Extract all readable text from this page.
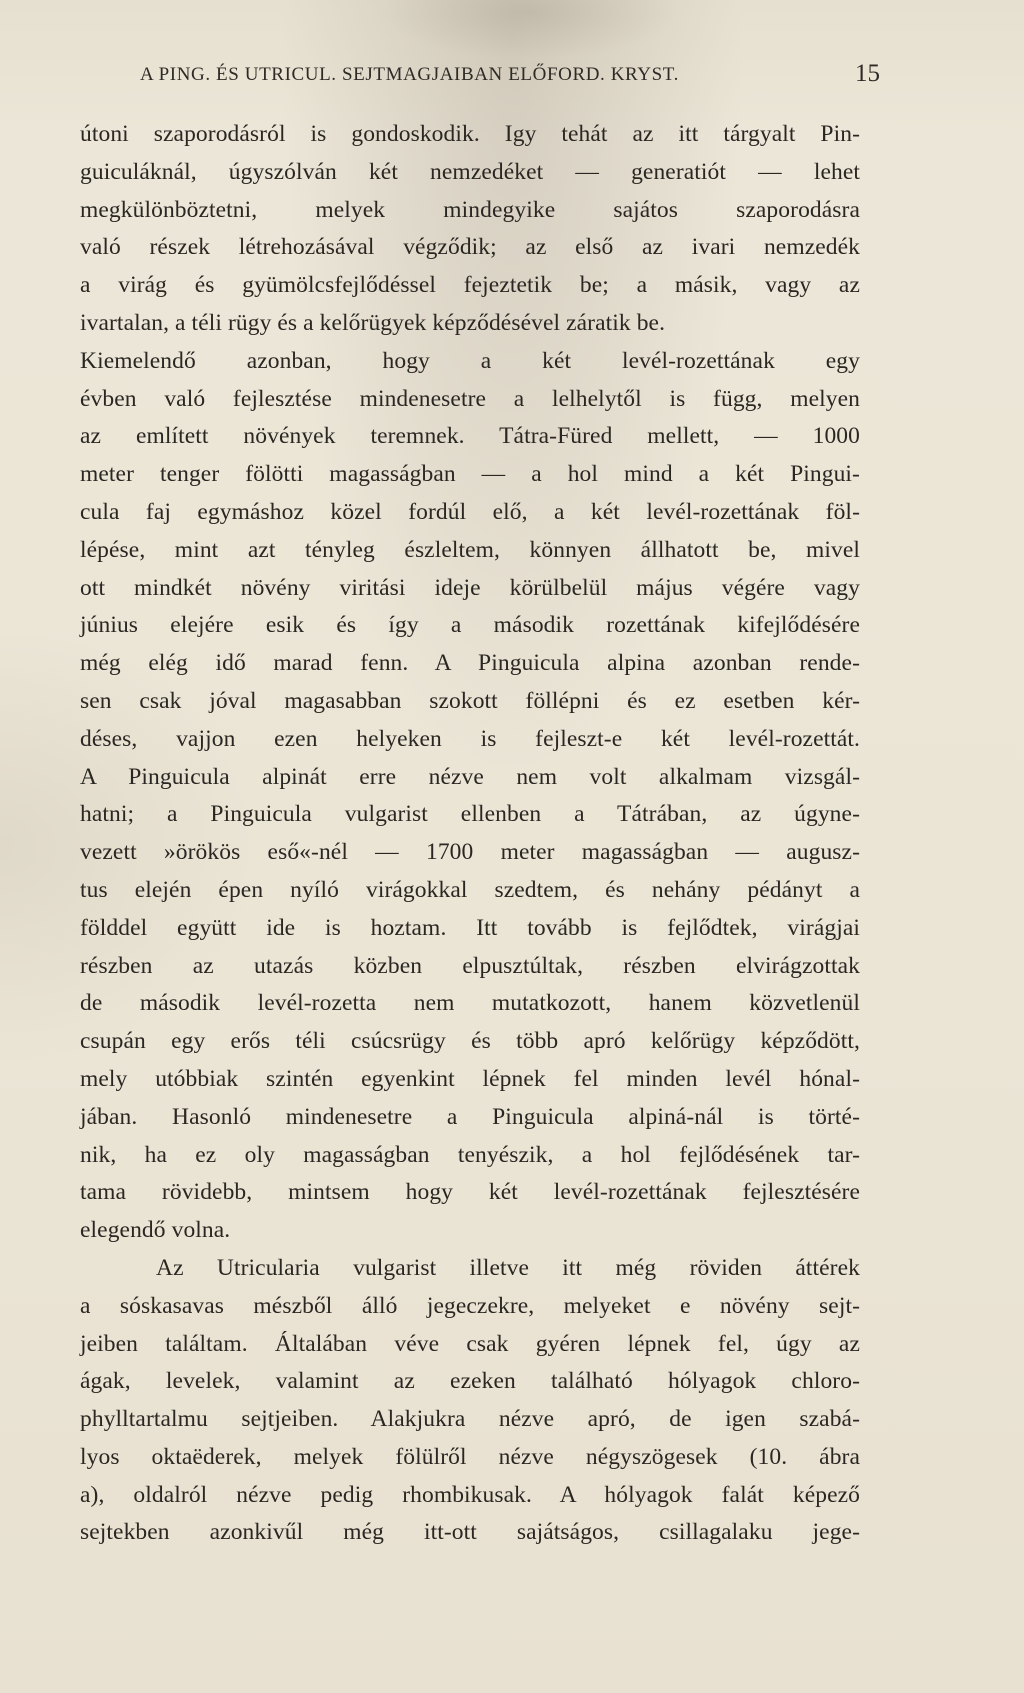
A PING. ÉS UTRICUL. SEJTMAGJAIBAN ELŐFORD. KRYST.	15
útoni szaporodásról is gondoskodik. Igy tehát az itt tárgyalt Pin-
guiculáknál, úgyszólván két nemzedéket — generatiót — lehet
megkülönböztetni, melyek mindegyike sajátos szaporodásra
való részek létrehozásával végződik; az első az ivari nemzedék
a virág és gyümölcsfejlődéssel fejeztetik be; a másik, vagy az
ivartalan, a téli rügy és a kelőrügyek képződésével záratik be.
Kiemelendő azonban, hogy a két levél-rozettának egy
évben való fejlesztése mindenesetre a lelhelytől is függ, melyen
az említett növények teremnek. Tátra-Füred mellett, — 1000
meter tenger fölötti magasságban — a hol mind a két Pingui-
cula faj egymáshoz közel fordúl elő, a két levél-rozettának föl-
lépése, mint azt tényleg észleltem, könnyen állhatott be, mivel
ott mindkét növény viritási ideje körülbelül május végére vagy
június elejére esik és így a második rozettának kifejlődésére
még elég idő marad fenn. A Pinguicula alpina azonban rende-
sen csak jóval magasabban szokott föllépni és ez esetben kér-
déses, vajjon ezen helyeken is fejleszt-e két levél-rozettát.
A Pinguicula alpinát erre nézve nem volt alkalmam vizsgál-
hatni; a Pinguicula vulgarist ellenben a Tátrában, az úgyne-
vezett »örökös eső«-nél — 1700 meter magasságban — augusz-
tus elején épen nyíló virágokkal szedtem, és nehány pédányt a
földdel együtt ide is hoztam. Itt tovább is fejlődtek, virágjai
részben az utazás közben elpusztúltak, részben elvirágzottak
de második levél-rozetta nem mutatkozott, hanem közvetlenül
csupán egy erős téli csúcsrügy és több apró kelőrügy képződött,
mely utóbbiak szintén egyenkint lépnek fel minden levél hónal-
jában. Hasonló mindenesetre a Pinguicula alpiná-nál is törté-
nik, ha ez oly magasságban tenyészik, a hol fejlődésének tar-
tama rövidebb, mintsem hogy két levél-rozettának fejlesztésére
elegendő volna.
Az Utricularia vulgarist illetve itt még röviden áttérek
a sóskasavas mészből álló jegeczekre, melyeket e növény sejt-
jeiben találtam. Általában véve csak gyéren lépnek fel, úgy az
ágak, levelek, valamint az ezeken található hólyagok chloro-
phylltartalmu sejtjeiben. Alakjukra nézve apró, de igen szabá-
lyos oktaëderek, melyek fölülről nézve négyszögesek (10. ábra
a), oldalról nézve pedig rhombikusak. A hólyagok falát képező
sejtekben azonkivűl még itt-ott sajátságos, csillagalaku jege-
